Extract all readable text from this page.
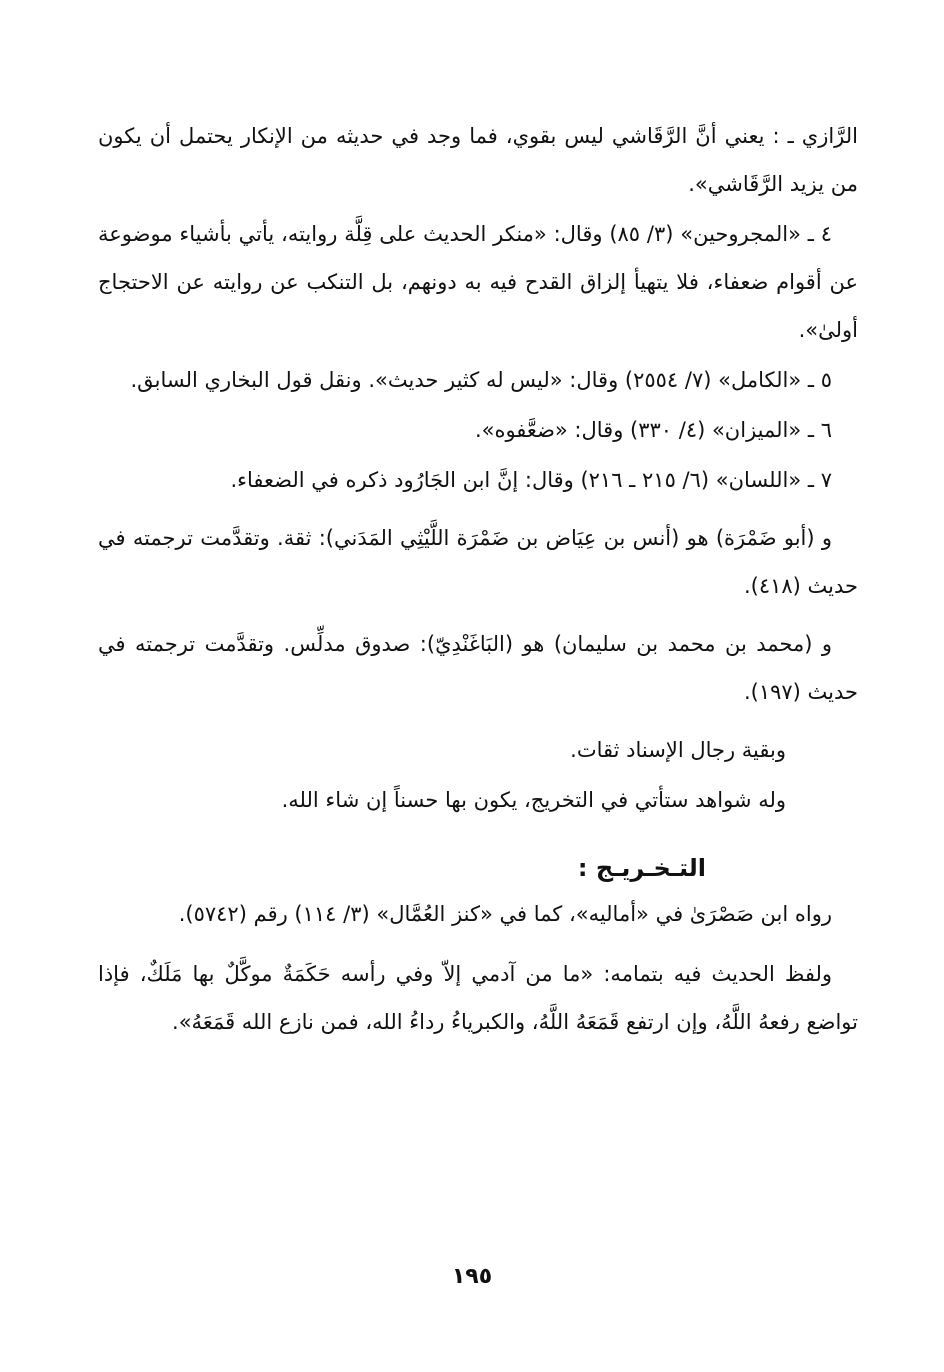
الرَّازي ـ : يعني أنَّ الرَّقَاشي ليس بقوي، فما وجد في حديثه من الإنكار يحتمل أن يكون من يزيد الرَّقَاشي».

٤ ـ «المجروحين» (٣/ ٨٥) وقال: «منكر الحديث على قِلَّة روايته، يأتي بأشياء موضوعة عن أقوام ضعفاء، فلا يتهيأ إلزاق القدح فيه به دونهم، بل التنكب عن روايته عن الاحتجاج أولىٰ».

٥ ـ «الكامل» (٧/ ٢٥٥٤) وقال: «ليس له كثير حديث». ونقل قول البخاري السابق.

٦ ـ «الميزان» (٤/ ٣٣٠) وقال: «ضعَّفوه».

٧ ـ «اللسان» (٦/ ٢١٥ ـ ٢١٦) وقال: إنَّ ابن الجَارُود ذكره في الضعفاء.

و (أبو ضَمْرَة) هو (أنس بن عِيَاض بن ضَمْرَة اللَّيْثِي المَدَني): ثقة. وتقدَّمت ترجمته في حديث (٤١٨).

و (محمد بن محمد بن سليمان) هو (البَاغَنْدِيّ): صدوق مدلِّس. وتقدَّمت ترجمته في حديث (١٩٧).

وبقية رجال الإسناد ثقات.

وله شواهد ستأتي في التخريج، يكون بها حسناً إن شاء الله.

التـخـريـج :

رواه ابن صَصْرَىٰ في «أماليه»، كما في «كنز العُمَّال» (٣/ ١١٤) رقم (٥٧٤٢).

ولفظ الحديث فيه بتمامه: «ما من آدمي إلاّ وفي رأسه حَكَمَةٌ موكَّلٌ بها مَلَكٌ، فإذا تواضع رفعهُ اللَّهُ، وإن ارتفع قَمَعَهُ اللَّهُ، والكبرياءُ رداءُ الله، فمن نازع الله قَمَعَهُ».

١٩٥
